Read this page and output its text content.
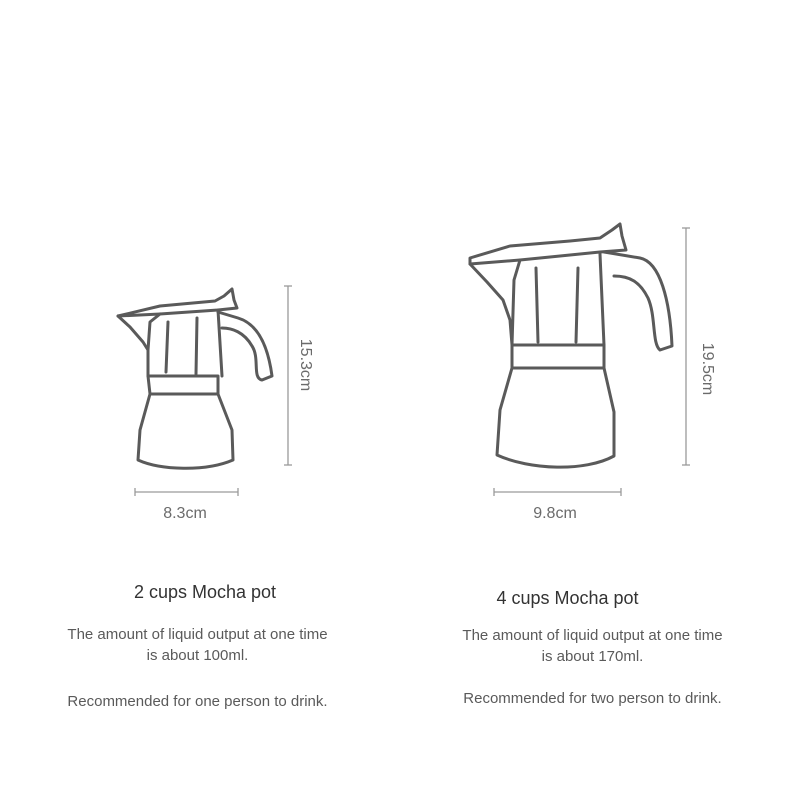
15.3cm
8.3cm
19.5cm
9.8cm
2 cups Mocha pot
The amount of liquid output at one time
is about 100ml.
Recommended for one person to drink.
4 cups Mocha pot
The amount of liquid output at one time
is about 170ml.
Recommended for two person to drink.
